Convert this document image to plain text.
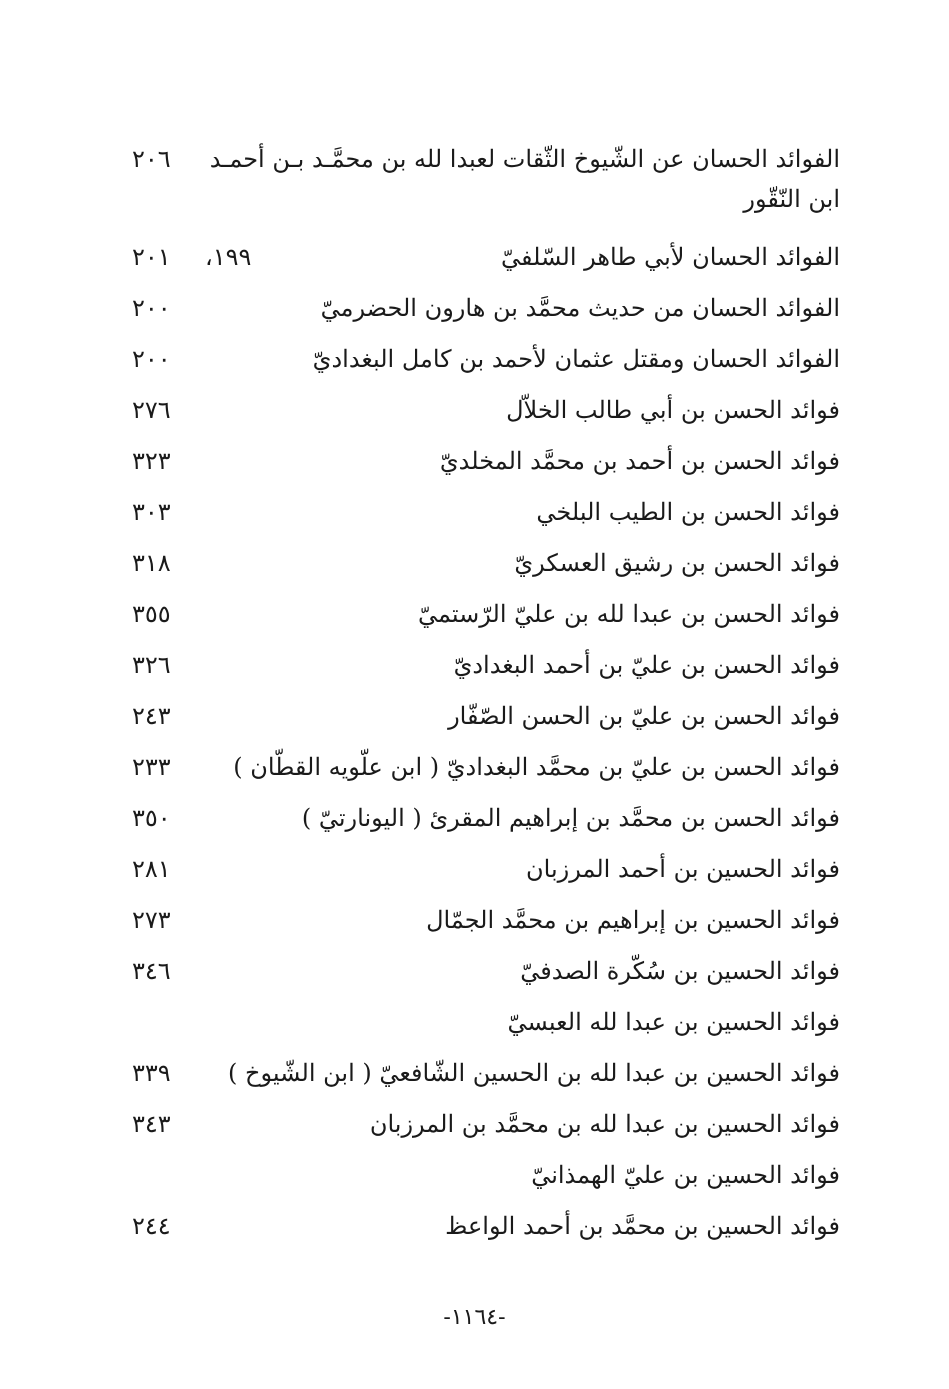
الفوائد الحسان عن الشّيوخ الثّقات لعبدا لله بن محمَّـد بـن أحمـد
٢٠٦
ابن النّقّور
الفوائد الحسان لأبي طاهر السّلفيّ
١٩٩،
٢٠١
الفوائد الحسان من حديث محمَّد بن هارون الحضرميّ
٢٠٠
الفوائد الحسان ومقتل عثمان لأحمد بن كامل البغداديّ
٢٠٠
فوائد الحسن بن أبي طالب الخلاّل
٢٧٦
فوائد الحسن بن أحمد بن محمَّد المخلديّ
٣٢٣
فوائد الحسن بن الطيب البلخي
٣٠٣
فوائد الحسن بن رشيق العسكريّ
٣١٨
فوائد الحسن بن عبدا لله بن عليّ الرّستميّ
٣٥٥
فوائد الحسن بن عليّ بن أحمد البغداديّ
٣٢٦
فوائد الحسن بن عليّ بن الحسن الصّفّار
٢٤٣
فوائد الحسن بن عليّ بن محمَّد البغداديّ ( ابن علّويه القطّان )
٢٣٣
فوائد الحسن بن محمَّد بن إبراهيم المقرئ ( اليونارتيّ )
٣٥٠
فوائد الحسين بن أحمد المرزبان
٢٨١
فوائد الحسين بن إبراهيم بن محمَّد الجمّال
٢٧٣
فوائد الحسين بن سُكّرة الصدفيّ
٣٤٦
فوائد الحسين بن عبدا لله العبسيّ
فوائد الحسين بن عبدا لله بن الحسين الشّافعيّ ( ابن الشّيوخ )
٣٣٩
فوائد الحسين بن عبدا لله بن محمَّد بن المرزبان
٣٤٣
فوائد الحسين بن عليّ الهمذانيّ
فوائد الحسين بن محمَّد بن أحمد الواعظ
٢٤٤
-١١٦٤-
